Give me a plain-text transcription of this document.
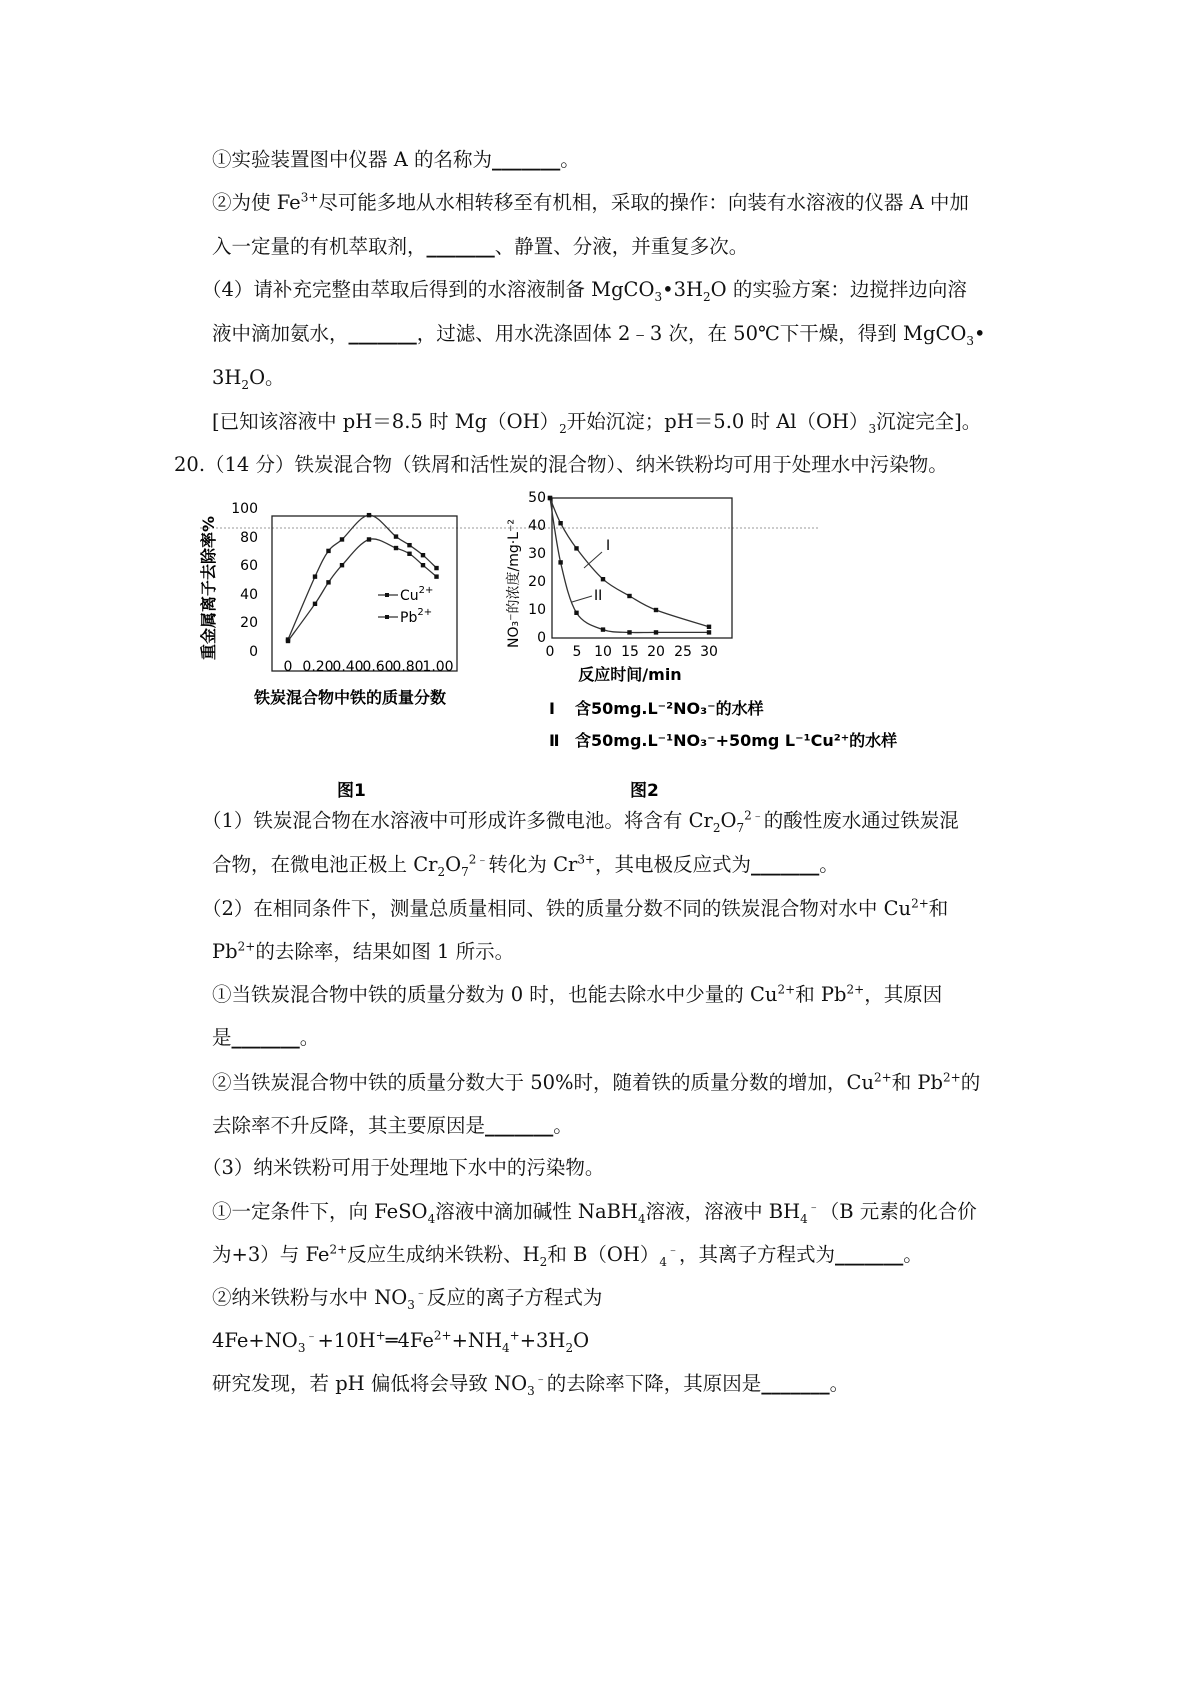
①实验装置图中仪器 A 的名称为_______。
②为使 $Fe^{3+}$尽可能多地从水相转移至有机相，采取的操作：向装有水溶液的仪器 A 中加
入一定量的有机萃取剂，_______、静置、分液，并重复多次。
（4）请补充完整由萃取后得到的水溶液制备 $MgCO_3•3H_2O$ 的实验方案：边搅拌边向溶
液中滴加氨水，_______，过滤、用水洗涤固体 2﹣3 次，在 50℃下干燥，得到 MgCO$_3$•
$3H_2O$。
[已知该溶液中 pH＝8.5 时 $Mg(OH)_2$开始沉淀；pH＝5.0 时 $Al(OH)_3$沉淀完全]。
20.（14 分）铁炭混合物（铁屑和活性炭的混合物）、纳米铁粉均可用于处理水中污染物。
（1）铁炭混合物在水溶液中可形成许多微电池。将含有 $Cr_2O_7^{2﹣}$的酸性废水通过铁炭混
合物，在微电池正极上 $Cr_2O_7^{2﹣}$转化为 $Cr^{3+}$，其电极反应式为_______。
（2）在相同条件下，测量总质量相同、铁的质量分数不同的铁炭混合物对水中 $Cu^{2+}$和
$Pb^{2+}$的去除率，结果如图 1 所示。
①当铁炭混合物中铁的质量分数为 0 时，也能去除水中少量的 $Cu^{2+}$和 $Pb^{2+}$，其原因
是_______。
②当铁炭混合物中铁的质量分数大于 50%时，随着铁的质量分数的增加，$Cu^{2+}$和 $Pb^{2+}$的
去除率不升反降，其主要原因是_______。
（3）纳米铁粉可用于处理地下水中的污染物。
①一定条件下，向 FeSO$_4$溶液中滴加碱性 NaBH$_4$溶液，溶液中 $BH_4^﹣(B$ 元素的化合价
为+3）与 $Fe^{2+}$反应生成纳米铁粉、$H_2$和 $B(OH)_4^﹣$，其离子方程式为_______。
②纳米铁粉与水中 $NO_3^﹣$反应的离子方程式为
$4Fe+NO_3^﹣+10H^+═4Fe^{2+}+NH_4^++3H_2O$
研究发现，若 pH 偏低将会导致 $NO_3^﹣$的去除率下降，其原因是_______。
0 0.20
0.40
0.60
0.80
1.00
0
20
40
60
80
100
重金属离子去除率%
铁炭混合物中铁的质量分数
$Cu^{2+}$
$Pb^{2+}$
0 5 10 15 20 25 30
0
10
20
30
40
50
NO₃⁻的浓度/mg·L⁻²
反应时间/min
含50mg.L⁻²NO₃⁻的水样
Ⅰ
含50mg.L⁻¹NO₃⁻+50mg L⁻¹Cu²⁺的水样
Ⅱ
I
II
图1	图2
